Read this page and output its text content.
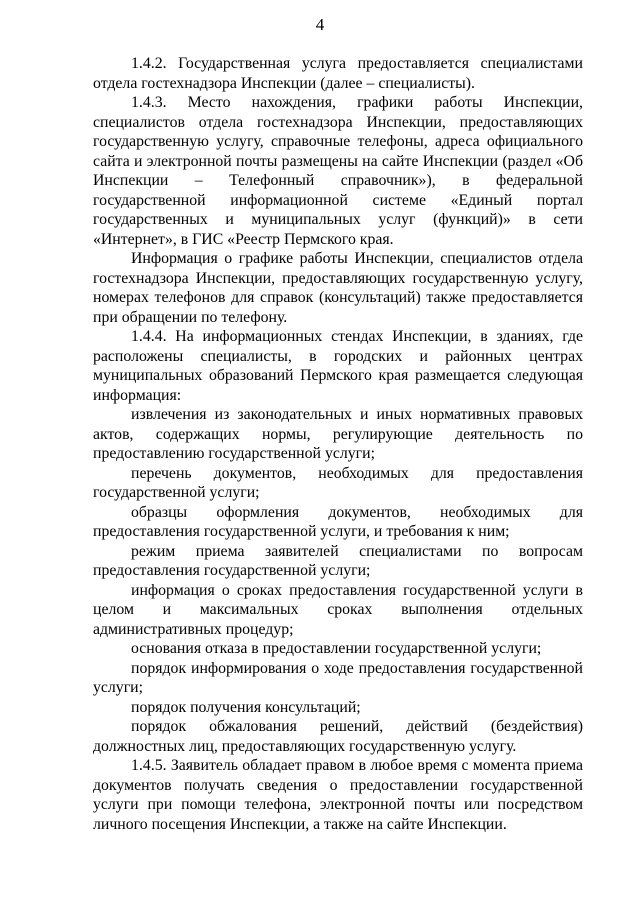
4

1.4.2. Государственная услуга предоставляется специалистами отдела гостехнадзора Инспекции (далее – специалисты).

1.4.3. Место нахождения, графики работы Инспекции, специалистов отдела гостехнадзора Инспекции, предоставляющих государственную услугу, справочные телефоны, адреса официального сайта и электронной почты размещены на сайте Инспекции (раздел «Об Инспекции – Телефонный справочник»), в федеральной государственной информационной системе «Единый портал государственных и муниципальных услуг (функций)» в сети «Интернет», в ГИС «Реестр Пермского края.

Информация о графике работы Инспекции, специалистов отдела гостехнадзора Инспекции, предоставляющих государственную услугу, номерах телефонов для справок (консультаций) также предоставляется при обращении по телефону.

1.4.4. На информационных стендах Инспекции, в зданиях, где расположены специалисты, в городских и районных центрах муниципальных образований Пермского края размещается следующая информация:

извлечения из законодательных и иных нормативных правовых актов, содержащих нормы, регулирующие деятельность по предоставлению государственной услуги;

перечень документов, необходимых для предоставления государственной услуги;

образцы оформления документов, необходимых для предоставления государственной услуги, и требования к ним;

режим приема заявителей специалистами по вопросам предоставления государственной услуги;

информация о сроках предоставления государственной услуги в целом и максимальных сроках выполнения отдельных административных процедур;

основания отказа в предоставлении государственной услуги;

порядок информирования о ходе предоставления государственной услуги;

порядок получения консультаций;

порядок обжалования решений, действий (бездействия) должностных лиц, предоставляющих государственную услугу.

1.4.5. Заявитель обладает правом в любое время с момента приема документов получать сведения о предоставлении государственной услуги при помощи телефона, электронной почты или посредством личного посещения Инспекции, а также на сайте Инспекции.
